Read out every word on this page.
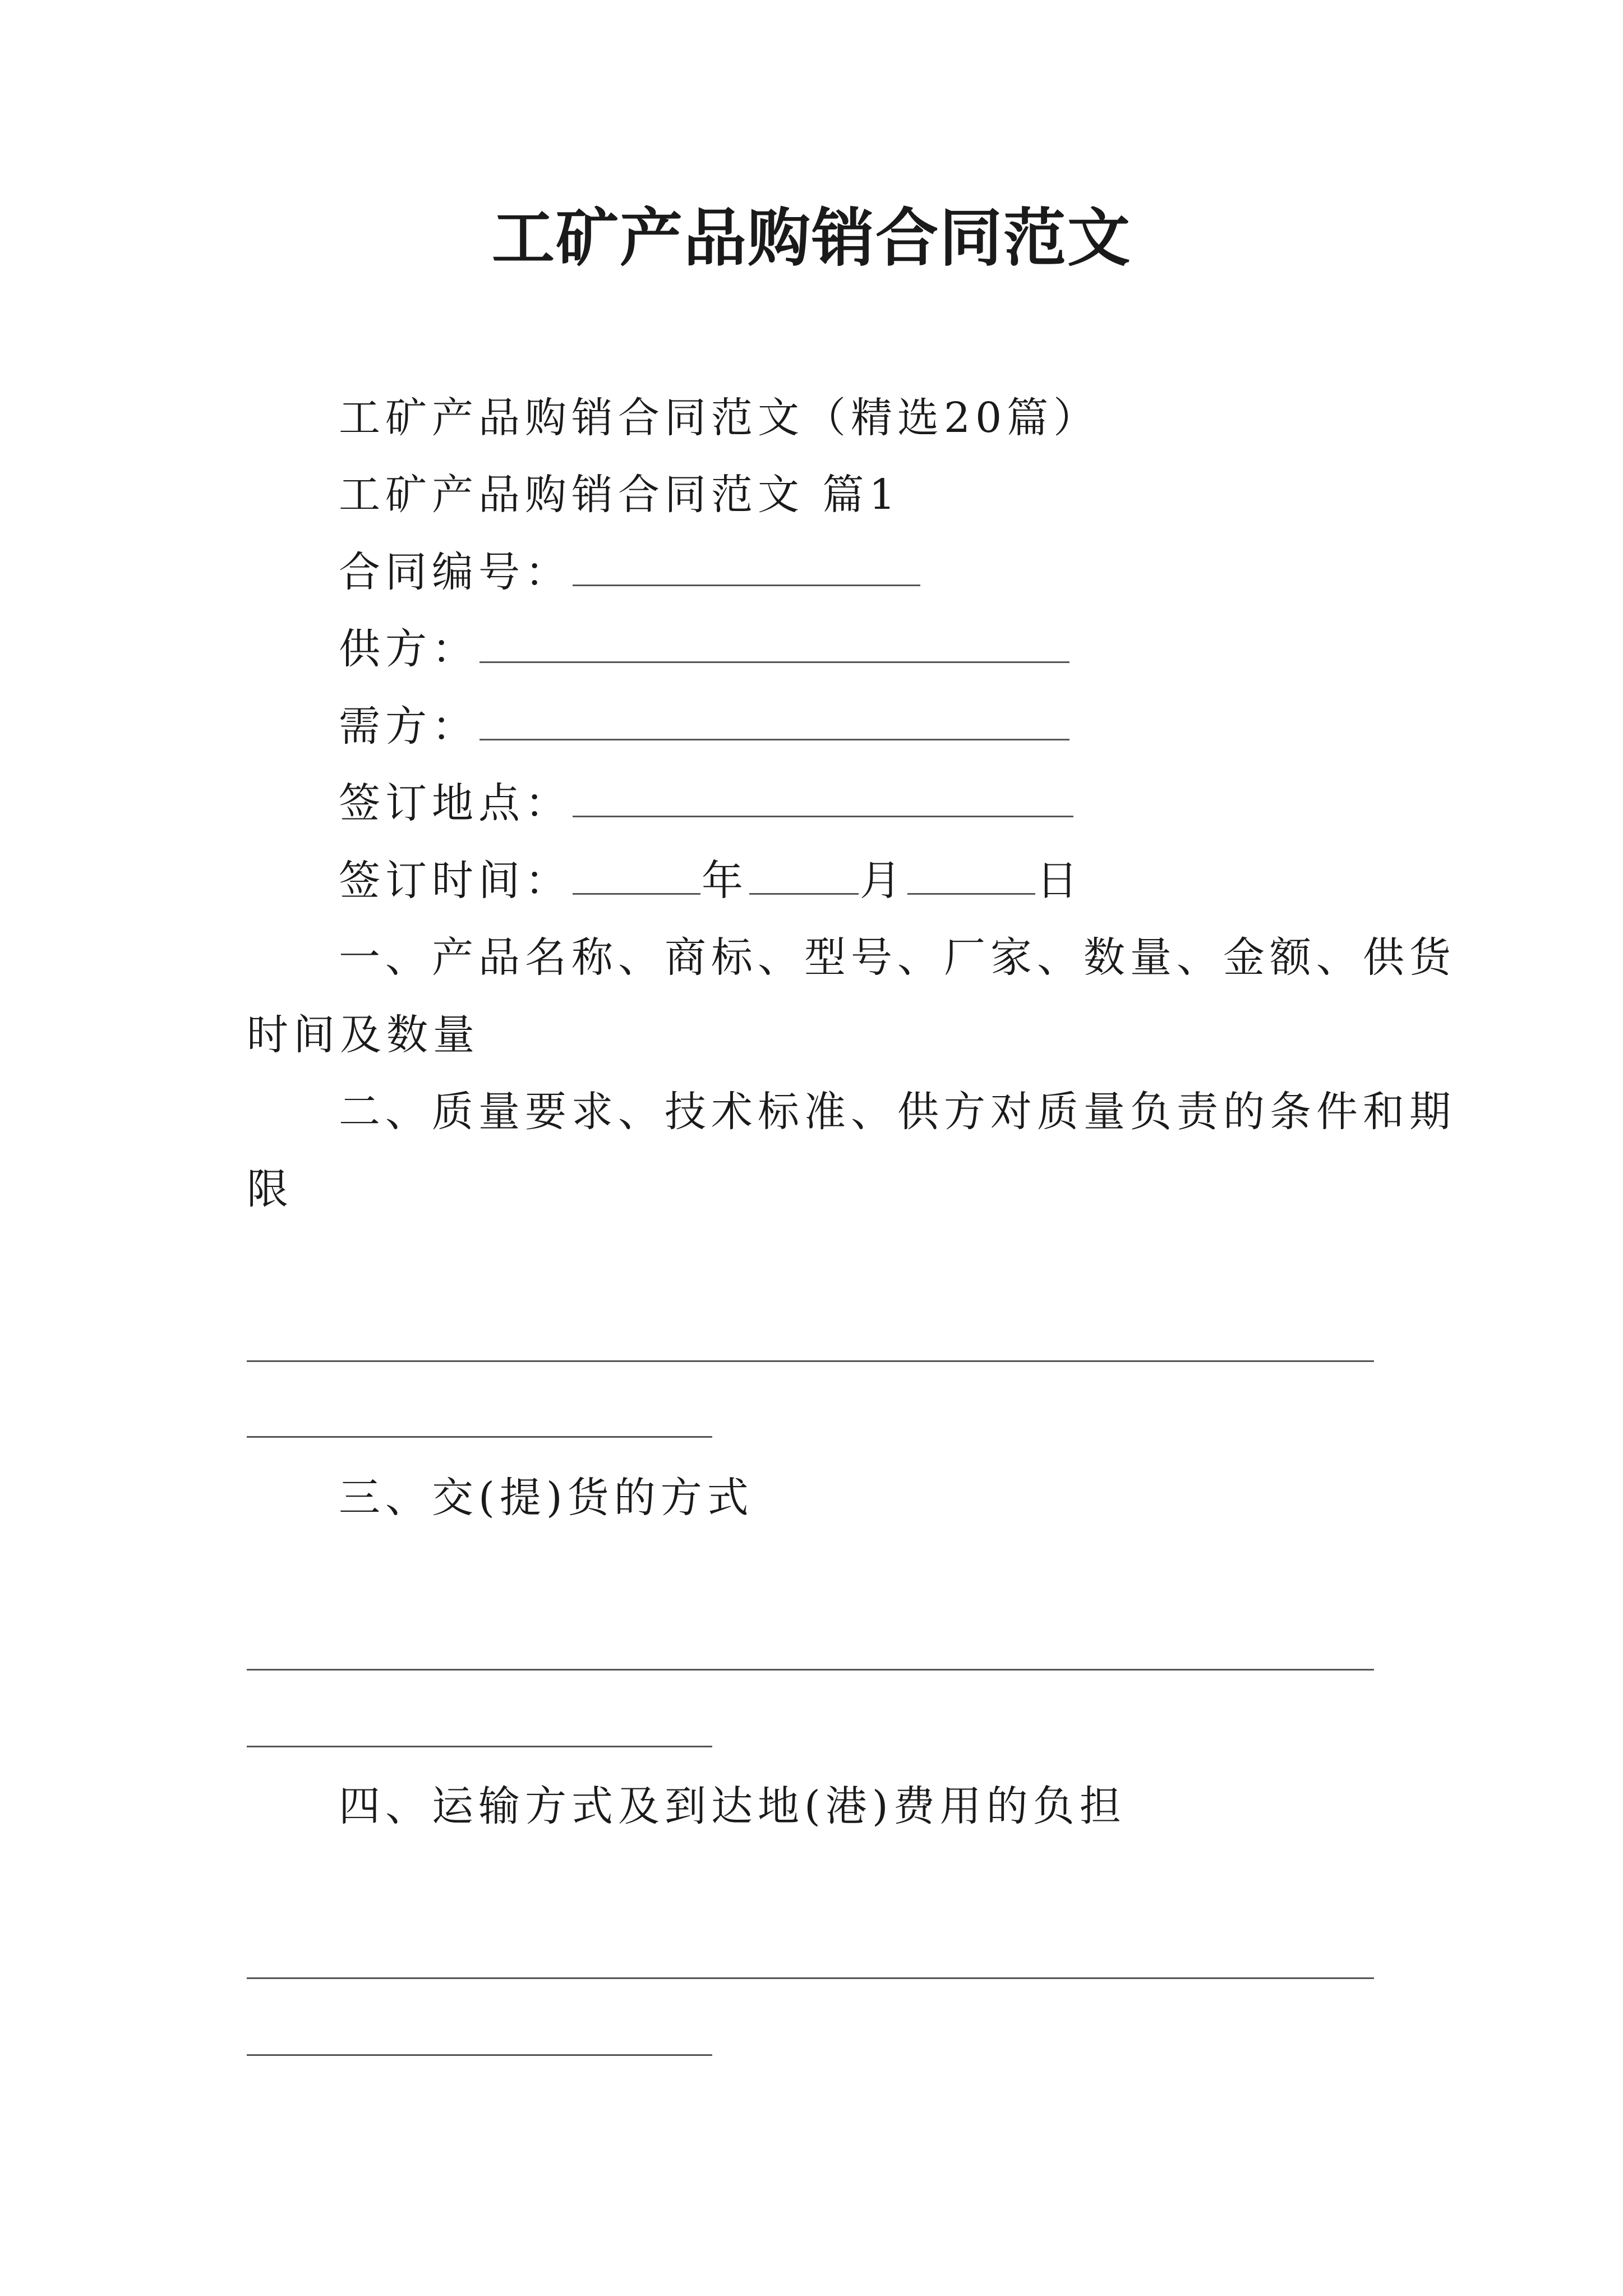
工矿产品购销合同范文
工矿产品购销合同范文（精选20篇）
工矿产品购销合同范文 篇1
合同编号：
供方：
需方：
签订地点：
签订时间：	年	月	日
一、产品名称、商标、型号、厂家、数量、金额、供货
时间及数量
二、质量要求、技术标准、供方对质量负责的条件和期
限
三、交(提)货的方式
四、运输方式及到达地(港)费用的负担
